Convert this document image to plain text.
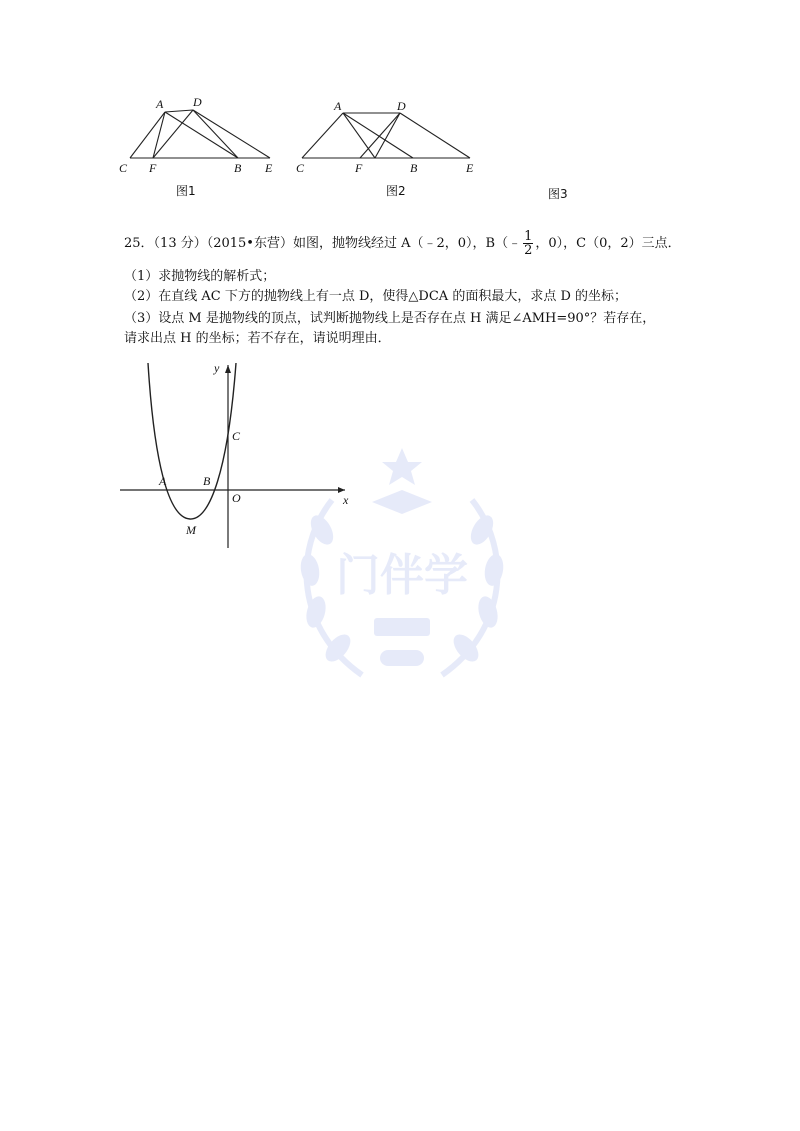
A D
C F	B E
A	D
C	F	B	E
y
x
C
A	B
O
M
图1	图2	图3
25．（13 分）（2015•东营）如图，抛物线经过 A（﹣2，0），B（﹣ $\frac{1}{2}$ ，0），C（0，2）三点．
（1）求抛物线的解析式；
（2）在直线 AC 下方的抛物线上有一点 D，使得△DCA 的面积最大，求点 D 的坐标；
（3）设点 M 是抛物线的顶点，试判断抛物线上是否存在点 H 满足∠AMH=90°？若存在，
请求出点 H 的坐标；若不存在，请说明理由．
门伴学
